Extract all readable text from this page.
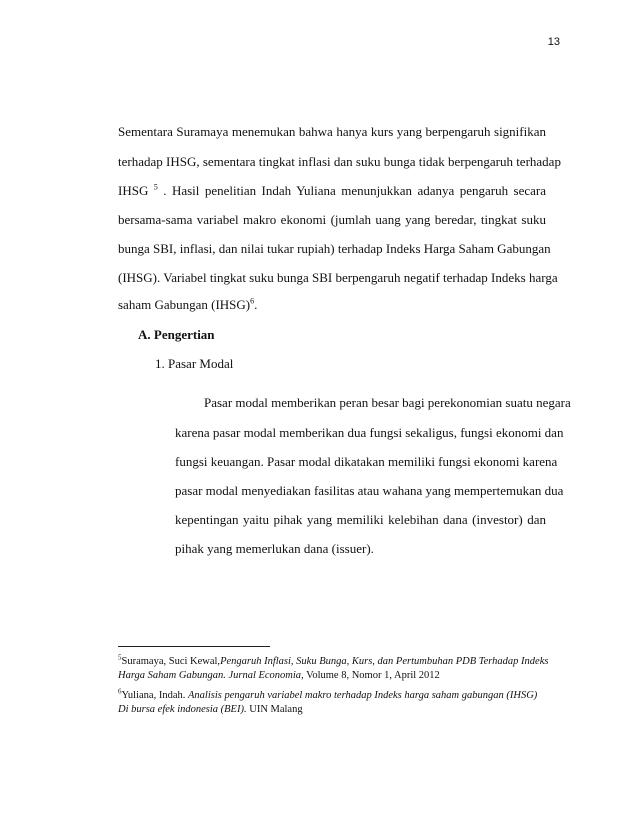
13
Sementara Suramaya menemukan bahwa hanya kurs yang berpengaruh signifikan
terhadap IHSG, sementara tingkat inflasi dan suku bunga tidak berpengaruh terhadap
IHSG $^5$ . Hasil penelitian Indah Yuliana menunjukkan adanya pengaruh secara
bersama-sama variabel makro ekonomi (jumlah uang yang beredar, tingkat suku
bunga SBI, inflasi, dan nilai tukar rupiah) terhadap Indeks Harga Saham Gabungan
(IHSG). Variabel tingkat suku bunga SBI berpengaruh negatif terhadap Indeks harga
saham Gabungan (IHSG)$^6$.
A. Pengertian
1. Pasar Modal
Pasar modal memberikan peran besar bagi perekonomian suatu negara
karena pasar modal memberikan dua fungsi sekaligus, fungsi ekonomi dan
fungsi keuangan. Pasar modal dikatakan memiliki fungsi ekonomi karena
pasar modal menyediakan fasilitas atau wahana yang mempertemukan dua
kepentingan yaitu pihak yang memiliki kelebihan dana (investor) dan
pihak yang memerlukan dana (issuer).
$^5$Suramaya, Suci Kewal,Pengaruh Inflasi, Suku Bunga, Kurs, dan Pertumbuhan PDB Terhadap Indeks
Harga Saham Gabungan. Jurnal Economia, Volume 8, Nomor 1, April 2012
$^6$Yuliana, Indah. Analisis pengaruh variabel makro terhadap Indeks harga saham gabungan (IHSG)
Di bursa efek indonesia (BEI). UIN Malang
